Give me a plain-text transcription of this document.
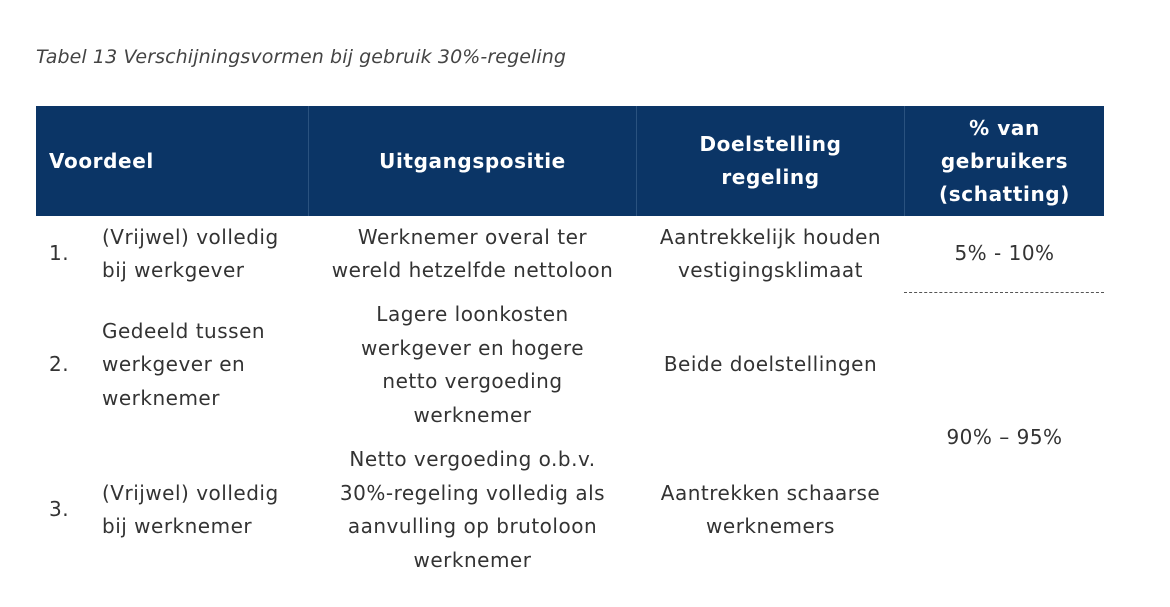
Tabel 13 Verschijningsvormen bij gebruik 30%-regeling
Voordeel	Uitgangspositie
Doelstelling
regeling
% van
gebruikers
(schatting)
1.
(Vrijwel) volledig
bij werkgever
Werknemer overal ter
wereld hetzelfde nettoloon
Aantrekkelijk houden
vestigingsklimaat
5% - 10%
2.
Gedeeld tussen
werkgever en
werknemer
Lagere loonkosten
werkgever en hogere
netto vergoeding
werknemer
Beide doelstellingen
3.
(Vrijwel) volledig
bij werknemer
Netto vergoeding o.b.v.
30%-regeling volledig als
aanvulling op brutoloon
werknemer
Aantrekken schaarse
werknemers
90% – 95%
